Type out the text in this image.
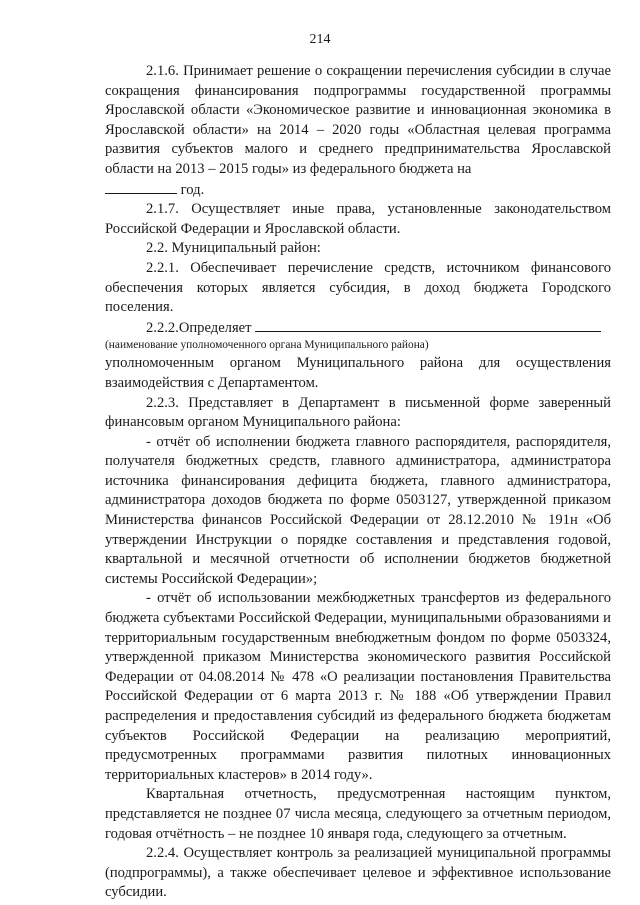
214

2.1.6. Принимает решение о сокращении перечисления субсидии в случае сокращения финансирования подпрограммы государственной программы Ярославской области «Экономическое развитие и инновационная экономика в Ярославской области» на 2014 – 2020 годы «Областная целевая программа развития субъектов малого и среднего предпринимательства Ярославской области на 2013 – 2015 годы» из федерального бюджета на
год.

2.1.7. Осуществляет иные права, установленные законодательством Российской Федерации и Ярославской области.

2.2. Муниципальный район:

2.2.1. Обеспечивает перечисление средств, источником финансового обеспечения которых является субсидия, в доход бюджета Городского поселения.

2.2.2.Определяет

(наименование уполномоченного органа Муниципального района)

уполномоченным органом Муниципального района для осуществления взаимодействия с Департаментом.

2.2.3. Представляет в Департамент в письменной форме заверенный финансовым органом Муниципального района:

- отчёт об исполнении бюджета главного распорядителя, распорядителя, получателя бюджетных средств, главного администратора, администратора источника финансирования дефицита бюджета, главного администратора, администратора доходов бюджета по форме 0503127, утвержденной приказом Министерства финансов Российской Федерации от 28.12.2010 № 191н «Об утверждении Инструкции о порядке составления и представления годовой, квартальной и месячной отчетности об исполнении бюджетов бюджетной системы Российской Федерации»;

- отчёт об использовании межбюджетных трансфертов из федерального бюджета субъектами Российской Федерации, муниципальными образованиями и территориальным государственным внебюджетным фондом по форме 0503324, утвержденной приказом Министерства экономического развития Российской Федерации от 04.08.2014 № 478 «О реализации постановления Правительства Российской Федерации от 6 марта 2013 г. № 188 «Об утверждении Правил распределения и предоставления субсидий из федерального бюджета бюджетам субъектов Российской Федерации на реализацию мероприятий, предусмотренных программами развития пилотных инновационных территориальных кластеров» в 2014 году».

Квартальная отчетность, предусмотренная настоящим пунктом, представляется не позднее 07 числа месяца, следующего за отчетным периодом, годовая отчётность – не позднее 10 января года, следующего за отчетным.

2.2.4. Осуществляет контроль за реализацией муниципальной программы (подпрограммы), а также обеспечивает целевое и эффективное использование субсидии.
